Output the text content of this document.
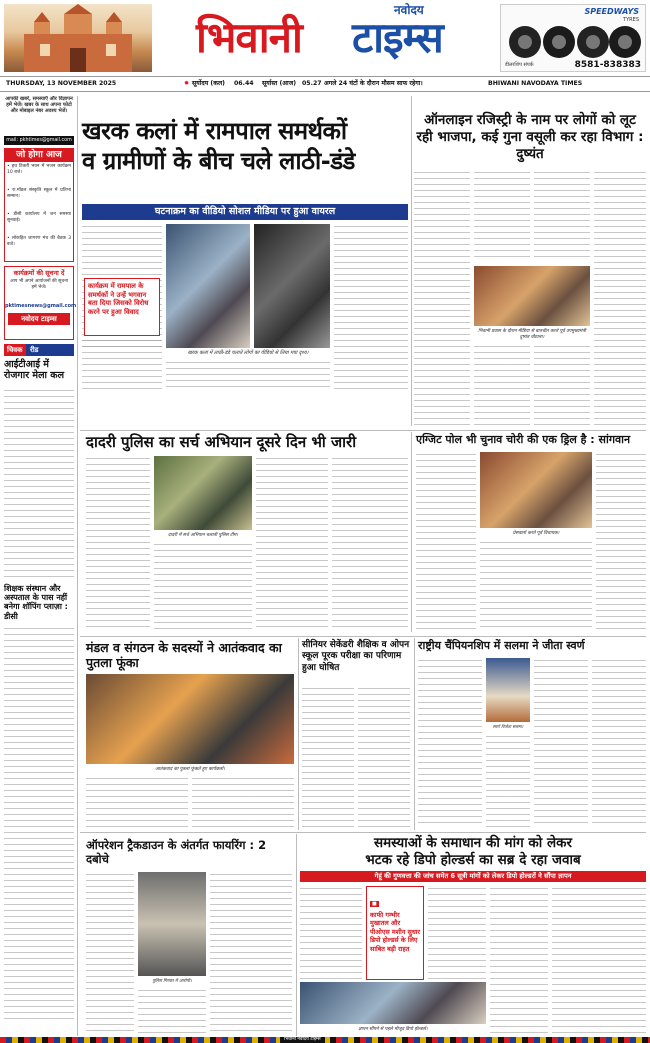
नवोदय
भिवानी टाइम्स
SPEEDWAYS
TYRES
डीलरशिप संपर्क	8581-838383
THURSDAY, 13 NOVEMBER 2025	✹ सूर्योदय (कल) 06.44 सूर्यास्त (आज) 05.27 अगले 24 घंटों के दौरान मौसम साफ रहेगा।	BHIWANI NAVODAYA TIMES
आपकी खबरें, समस्याएँ और विज्ञापन हमें भेजें। खबर के साथ अपना फोटो और मोबाइल नंबर अवश्य भेजें।
mail: pkhtimes@gmail.com
जो होगा आज
• हथ टिकरी भवन में भजन कार्यक्रम 10 बजे।
• रा.मॉडल संस्कृति स्कूल में प्रतिभा सम्मान।
• डीसी कार्यालय में जन समस्या सुनवाई।
• लोकहित जागरण मंच की बैठक 3 बजे।
कार्यक्रमों की सूचना दें
आप भी अपने आयोजनों की सूचना हमें भेजें।
pktimesnews@gmail.com
नवोदय टाइम्स
चिवक रीड
आईटीआई में रोजगार मेला कल
शिक्षक संस्थान और अस्पताल के पास नहीं बनेगा शॉपिंग प्लाज़ा : डीसी
खरक कलां में रामपाल समर्थकों
व ग्रामीणों के बीच चले लाठी-डंडे
घटनाक्रम का वीडियो सोशल मीडिया पर हुआ वायरल
कार्यक्रम में रामपाल के समर्थकों ने उन्हें भगवान बता दिया जिसको विरोध करने पर हुआ विवाद
खरक कलां में लाठी-डंडे चलाते लोगों का वीडियो से लिया गया दृश्य।
ऑनलाइन रजिस्ट्री के नाम पर लोगों को लूट रही भाजपा, कई गुना वसूली कर रहा विभाग : दुष्यंत
भिवानी प्रवास के दौरान मीडिया से बातचीत करते पूर्व उपमुख्यमंत्री दुष्यंत चौटाला।
दादरी पुलिस का सर्च अभियान दूसरे दिन भी जारी
दादरी में सर्च अभियान चलाती पुलिस टीम।
एग्जिट पोल भी चुनाव चोरी की एक ड्रिल है : सांगवान
प्रेसवार्ता करते पूर्व विधायक।
मंडल व संगठन के सदस्यों ने आतंकवाद का पुतला फूंका
आतंकवाद का पुतला फूंकते हुए कार्यकर्ता।
सीनियर सेकेंडरी शैक्षिक व ओपन स्कूल पूरक परीक्षा का परिणाम हुआ घोषित
राष्ट्रीय चैंपियनशिप में सलमा ने जीता स्वर्ण
स्वर्ण विजेता सलमा।
समस्याओं के समाधान की मांग को लेकर
भटक रहे डिपो होल्डर्स का सब्र दे रहा जवाब
गेहूं की गुणवत्ता की जांच समेत 6 सूत्री मांगों को लेकर डिपो होल्डरों ने सौंपा ज्ञापन
■
काफी गम्भीर मुखातल और पीओएस मशीन सुधार डिपो होल्डर्स के लिए साबित बड़ी राहत
ज्ञापन सौंपने से पहले मौजूद डिपो होल्डर्स।
ऑपरेशन ट्रैकडाउन के अंतर्गत फायरिंग : 2 दबोचे
पुलिस गिरफ्त में आरोपी।
भिवानी नवोदय टाइम्स
